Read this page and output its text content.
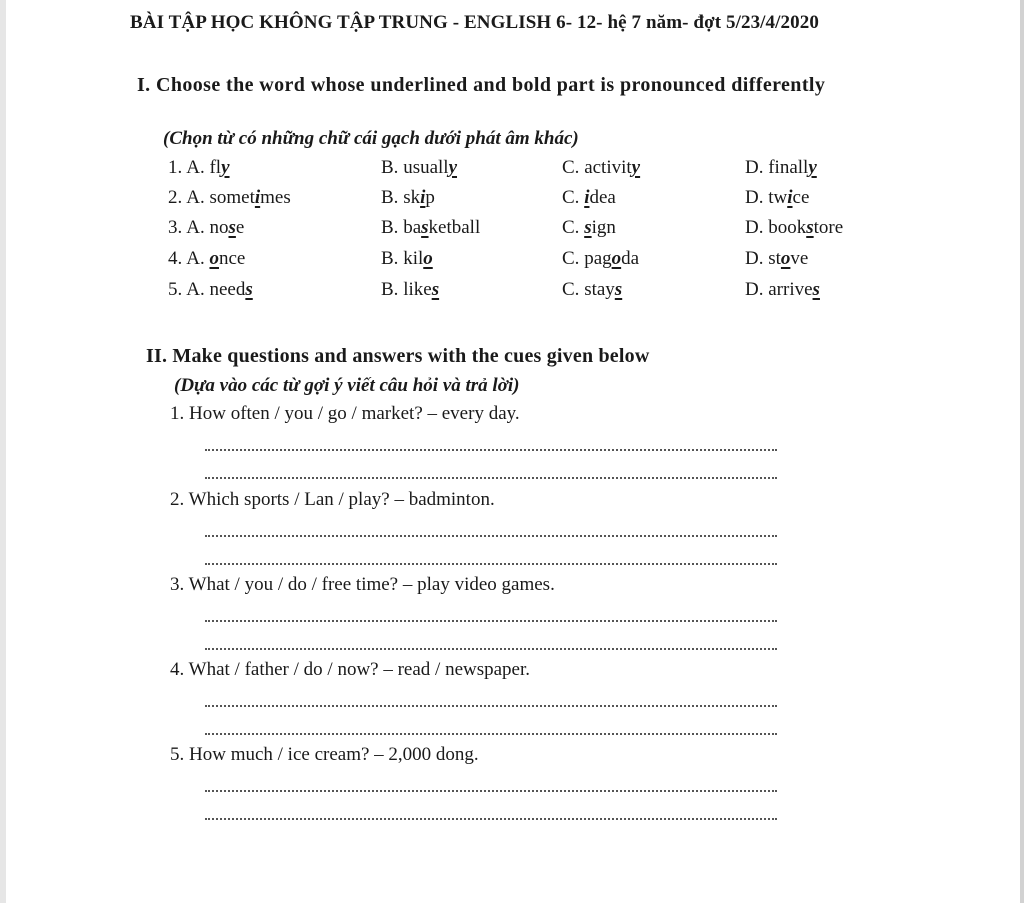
BÀI TẬP HỌC KHÔNG TẬP TRUNG - ENGLISH 6- 12- hệ 7 năm- đợt 5/23/4/2020
I. Choose the word whose underlined and bold part is pronounced differently
(Chọn từ có những chữ cái gạch dưới phát âm khác)
1. A. fly	B. usually	C. activity	D. finally
2. A. sometimes	B. skip	C. idea	D. twice
3. A. nose	B. basketball	C. sign	D. bookstore
4. A. once	B. kilo	C. pagoda	D. stove
5. A. needs	B. likes	C. stays	D. arrives
II. Make questions and answers with the cues given below
(Dựa vào các từ gợi ý viết câu hỏi và trả lời)
1. How often / you / go / market? – every day.
2. Which sports / Lan / play? – badminton.
3. What / you / do / free time? – play video games.
4. What / father / do / now? – read / newspaper.
5. How much / ice cream? – 2,000 dong.
